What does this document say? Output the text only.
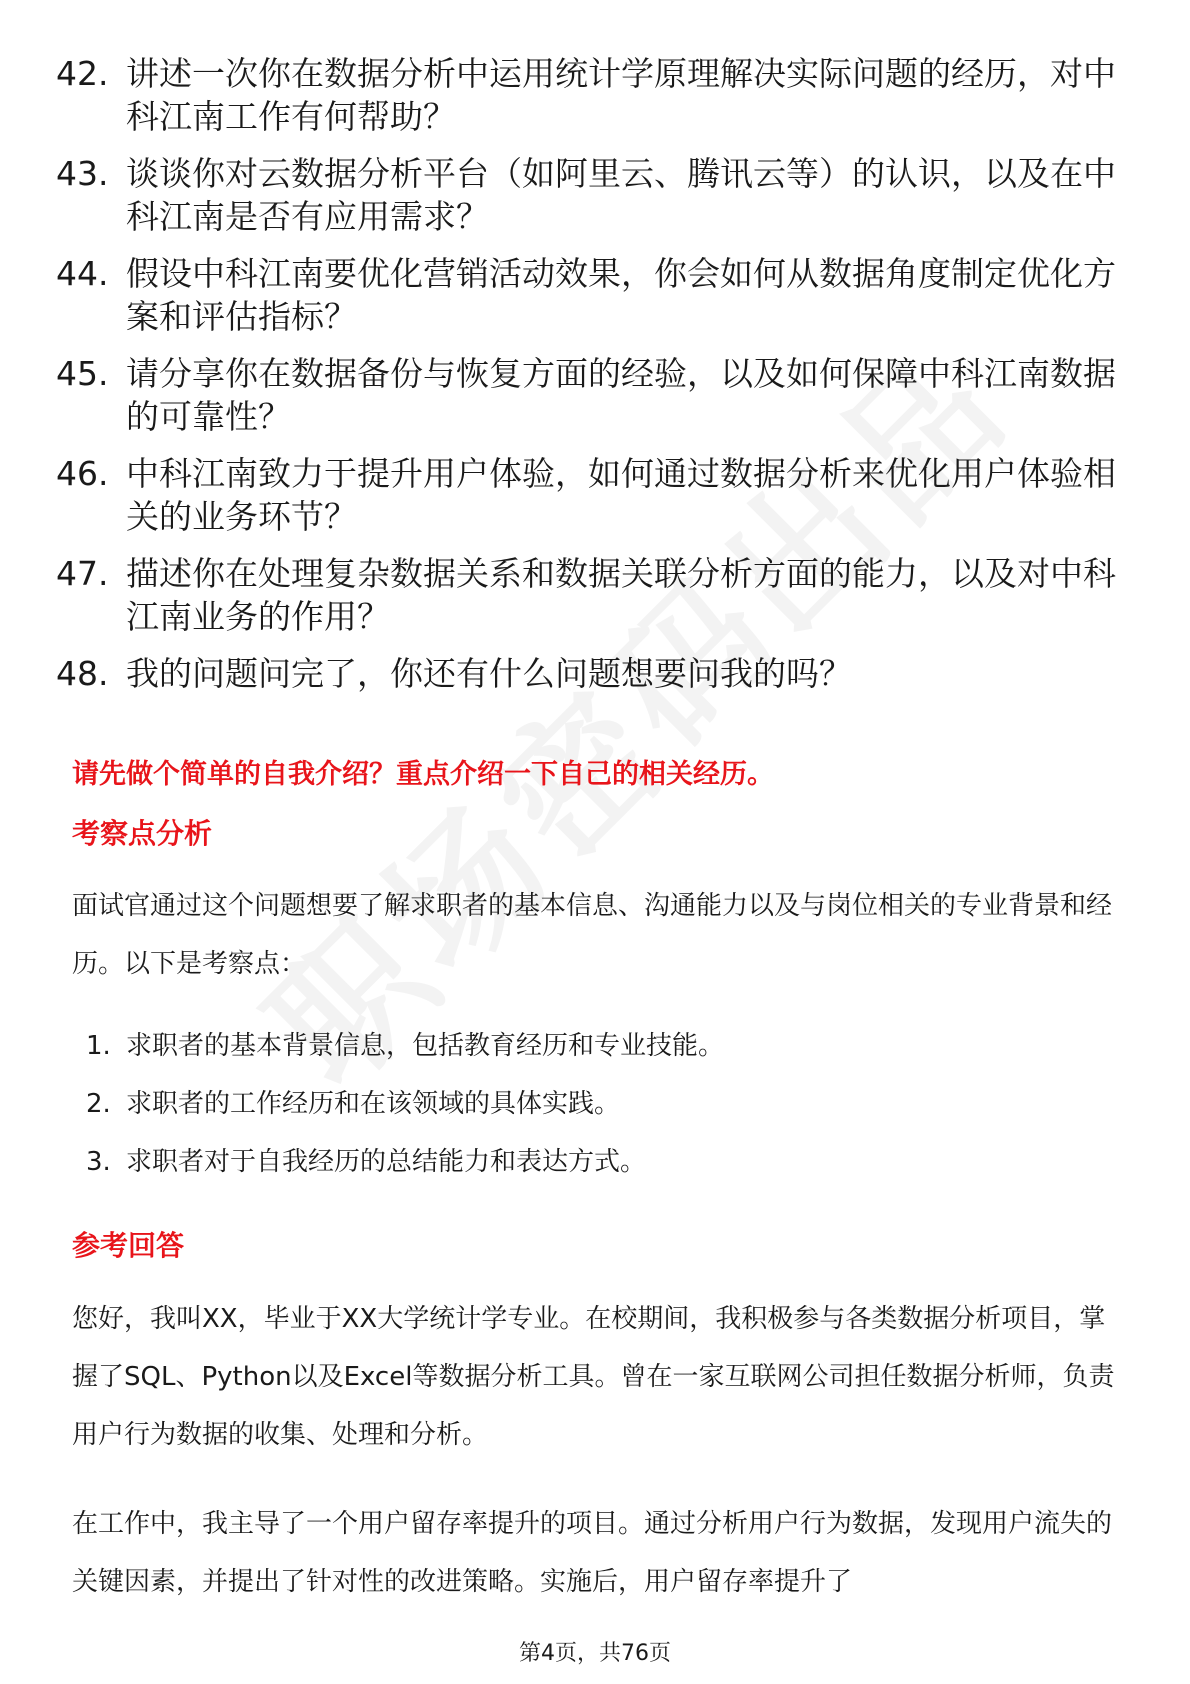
42. 讲述一次你在数据分析中运用统计学原理解决实际问题的经历，对中科江南工作有何帮助？
43. 谈谈你对云数据分析平台（如阿里云、腾讯云等）的认识，以及在中科江南是否有应用需求？
44. 假设中科江南要优化营销活动效果，你会如何从数据角度制定优化方案和评估指标？
45. 请分享你在数据备份与恢复方面的经验，以及如何保障中科江南数据的可靠性？
46. 中科江南致力于提升用户体验，如何通过数据分析来优化用户体验相关的业务环节？
47. 描述你在处理复杂数据关系和数据关联分析方面的能力，以及对中科江南业务的作用？
48. 我的问题问完了，你还有什么问题想要问我的吗？
请先做个简单的自我介绍？重点介绍一下自己的相关经历。
考察点分析
面试官通过这个问题想要了解求职者的基本信息、沟通能力以及与岗位相关的专业背景和经历。以下是考察点：
1. 求职者的基本背景信息，包括教育经历和专业技能。
2. 求职者的工作经历和在该领域的具体实践。
3. 求职者对于自我经历的总结能力和表达方式。
参考回答
您好，我叫XX，毕业于XX大学统计学专业。在校期间，我积极参与各类数据分析项目，掌握了SQL、Python以及Excel等数据分析工具。曾在一家互联网公司担任数据分析师，负责用户行为数据的收集、处理和分析。
在工作中，我主导了一个用户留存率提升的项目。通过分析用户行为数据，发现用户流失的关键因素，并提出了针对性的改进策略。实施后，用户留存率提升了
第4页，共76页
